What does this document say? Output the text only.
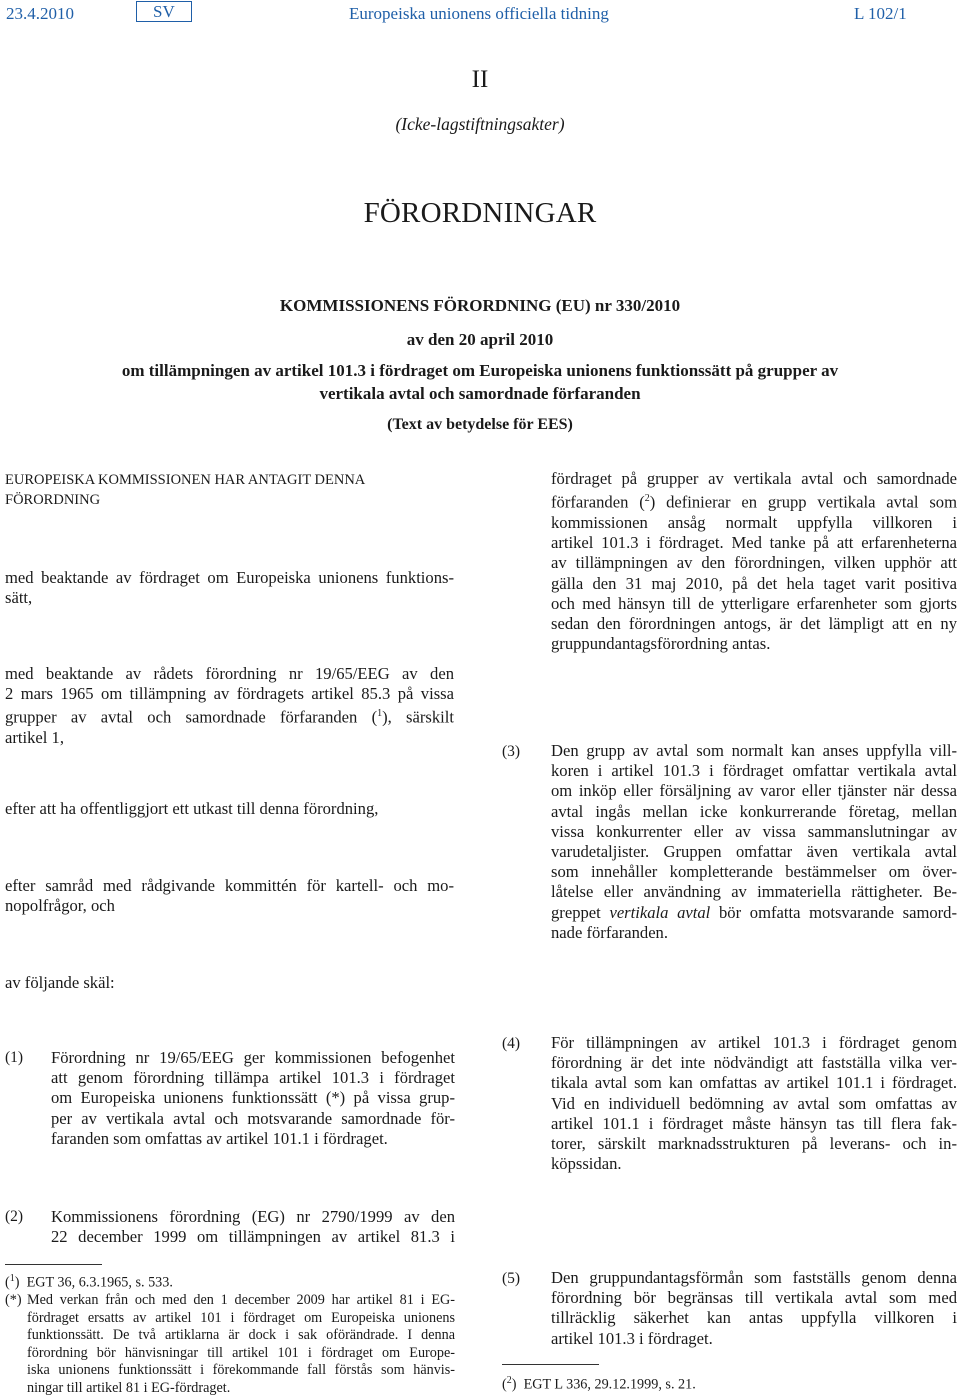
23.4.2010	SV	Europeiska unionens officiella tidning	L 102/1
II
(Icke-lagstiftningsakter)
FÖRORDNINGAR
KOMMISSIONENS FÖRORDNING (EU) nr 330/2010
av den 20 april 2010
om tillämpningen av artikel 101.3 i fördraget om Europeiska unionens funktionssätt på grupper av
vertikala avtal och samordnade förfaranden
(Text av betydelse för EES)
EUROPEISKA KOMMISSIONEN HAR ANTAGIT DENNA
FÖRORDNING
med beaktande av fördraget om Europeiska unionens funktions-
sätt,
med beaktande av rådets förordning nr 19/65/EEG av den
2 mars 1965 om tillämpning av fördragets artikel 85.3 på vissa
grupper av avtal och samordnade förfaranden ($^1$), särskilt
artikel 1,
efter att ha offentliggjort ett utkast till denna förordning,
efter samråd med rådgivande kommittén för kartell- och mo-
nopolfrågor, och
av följande skäl:
(1) Förordning nr 19/65/EEG ger kommissionen befogenhet
att genom förordning tillämpa artikel 101.3 i fördraget
om Europeiska unionens funktionssätt (*) på vissa grup-
per av vertikala avtal och motsvarande samordnade för-
faranden som omfattas av artikel 101.1 i fördraget.
(2) Kommissionens förordning (EG) nr 2790/1999 av den
22 december 1999 om tillämpningen av artikel 81.3 i
($^1$)  EGT 36, 6.3.1965, s. 533.
(*) Med verkan från och med den 1 december 2009 har artikel 81 i EG-
fördraget ersatts av artikel 101 i fördraget om Europeiska unionens
funktionssätt. De två artiklarna är dock i sak oförändrade. I denna
förordning bör hänvisningar till artikel 101 i fördraget om Europe-
iska unionens funktionssätt i förekommande fall förstås som hänvis-
ningar till artikel 81 i EG-fördraget.
fördraget på grupper av vertikala avtal och samordnade
förfaranden ($^2$) definierar en grupp vertikala avtal som
kommissionen ansåg normalt uppfylla villkoren i
artikel 101.3 i fördraget. Med tanke på att erfarenheterna
av tillämpningen av den förordningen, vilken upphör att
gälla den 31 maj 2010, på det hela taget varit positiva
och med hänsyn till de ytterligare erfarenheter som gjorts
sedan den förordningen antogs, är det lämpligt att en ny
gruppundantagsförordning antas.
(3) Den grupp av avtal som normalt kan anses uppfylla vill-
koren i artikel 101.3 i fördraget omfattar vertikala avtal
om inköp eller försäljning av varor eller tjänster när dessa
avtal ingås mellan icke konkurrerande företag, mellan
vissa konkurrenter eller av vissa sammanslutningar av
varudetaljister. Gruppen omfattar även vertikala avtal
som innehåller kompletterande bestämmelser om över-
låtelse eller användning av immateriella rättigheter. Be-
greppet vertikala avtal bör omfatta motsvarande samord-
nade förfaranden.
(4) För tillämpningen av artikel 101.3 i fördraget genom
förordning är det inte nödvändigt att fastställa vilka ver-
tikala avtal som kan omfattas av artikel 101.1 i fördraget.
Vid en individuell bedömning av avtal som omfattas av
artikel 101.1 i fördraget måste hänsyn tas till flera fak-
torer, särskilt marknadsstrukturen på leverans- och in-
köpssidan.
(5) Den gruppundantagsförmån som fastställs genom denna
förordning bör begränsas till vertikala avtal som med
tillräcklig säkerhet kan antas uppfylla villkoren i
artikel 101.3 i fördraget.
($^2$)  EGT L 336, 29.12.1999, s. 21.
